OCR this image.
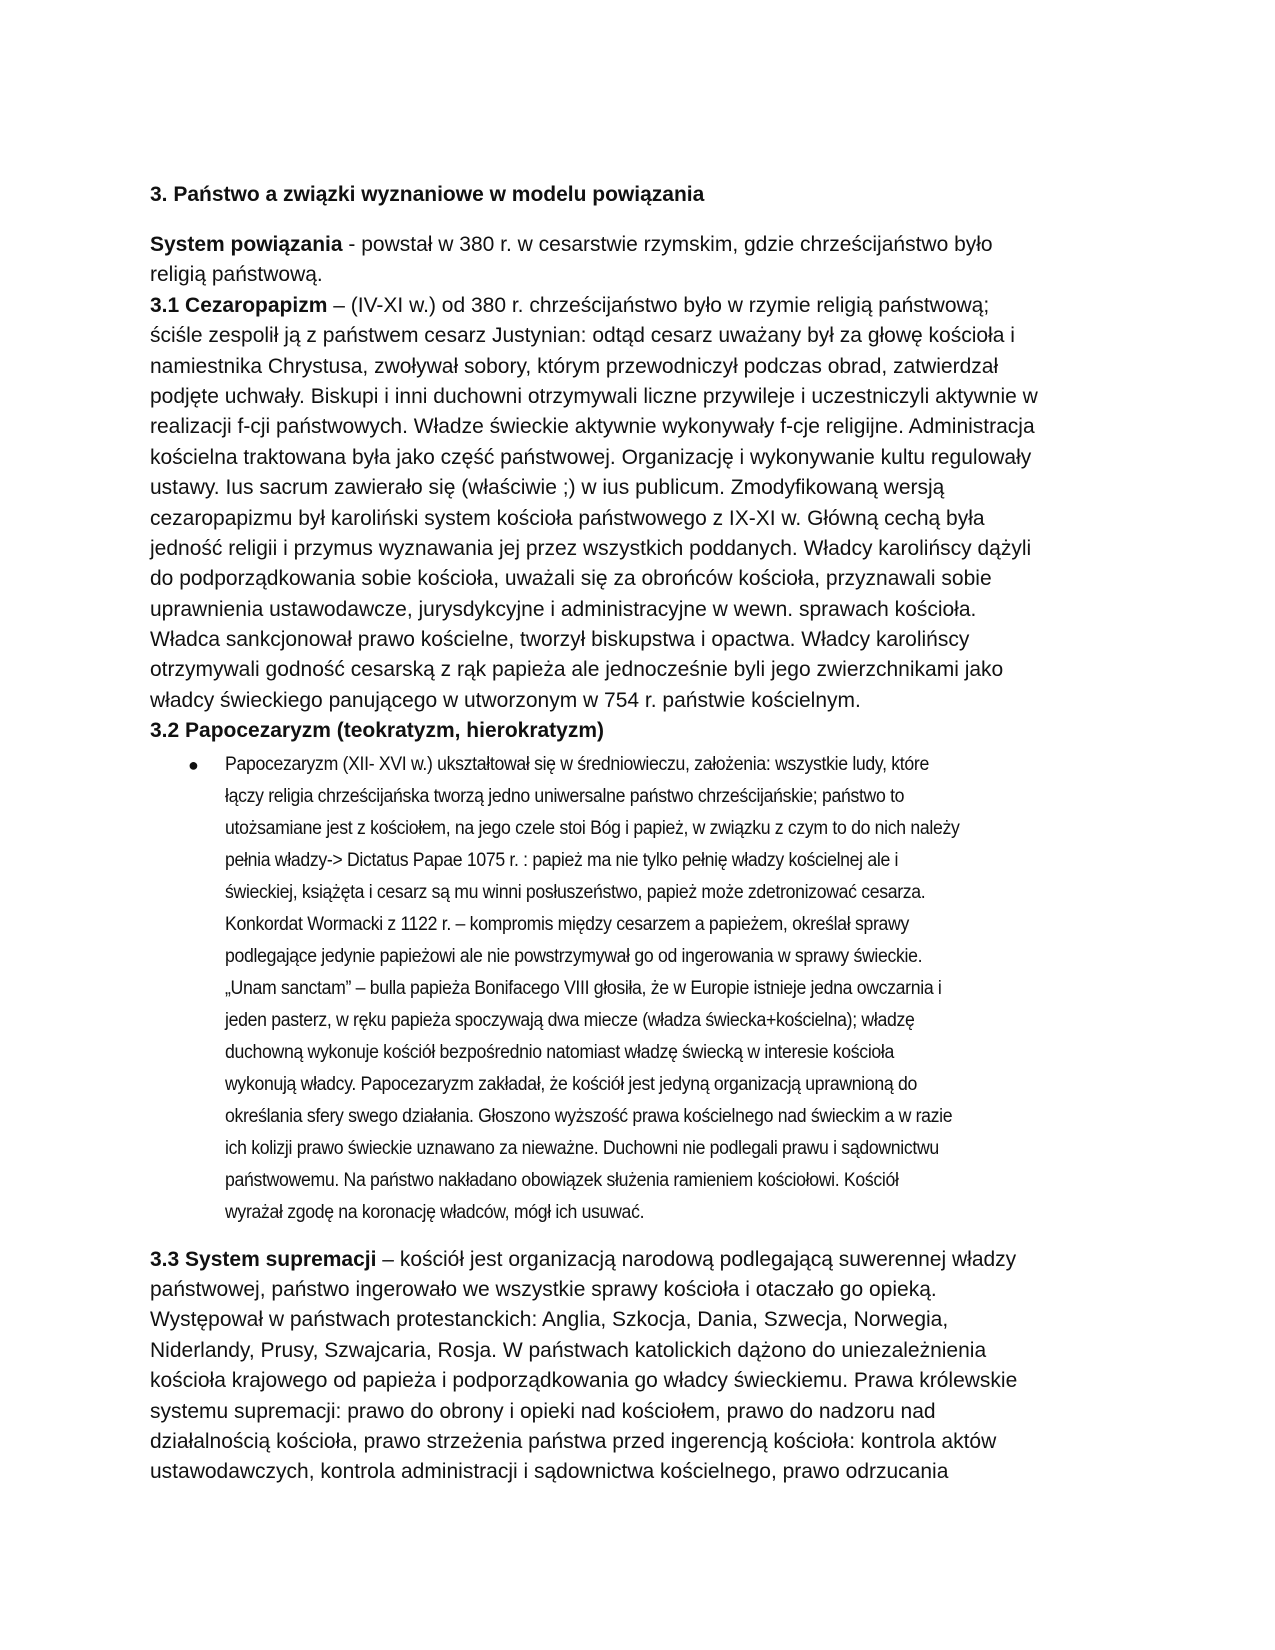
3. Państwo a związki wyznaniowe w modelu powiązania
System powiązania - powstał w 380 r. w cesarstwie rzymskim, gdzie chrześcijaństwo było
religią państwową.
3.1 Cezaropapizm – (IV-XI w.) od 380 r. chrześcijaństwo było w rzymie religią państwową;
ściśle zespolił ją z państwem cesarz Justynian: odtąd cesarz uważany był za głowę kościoła i
namiestnika Chrystusa, zwoływał sobory, którym przewodniczył podczas obrad, zatwierdzał
podjęte uchwały. Biskupi i inni duchowni otrzymywali liczne przywileje i uczestniczyli aktywnie w
realizacji f-cji państwowych. Władze świeckie aktywnie wykonywały f-cje religijne. Administracja
kościelna traktowana była jako część państwowej. Organizację i wykonywanie kultu regulowały
ustawy. Ius sacrum zawierało się (właściwie ;) w ius publicum. Zmodyfikowaną wersją
cezaropapizmu był karoliński system kościoła państwowego z IX-XI w. Główną cechą była
jedność religii i przymus wyznawania jej przez wszystkich poddanych. Władcy karolińscy dążyli
do podporządkowania sobie kościoła, uważali się za obrońców kościoła, przyznawali sobie
uprawnienia ustawodawcze, jurysdykcyjne i administracyjne w wewn. sprawach kościoła.
Władca sankcjonował prawo kościelne, tworzył biskupstwa i opactwa. Władcy karolińscy
otrzymywali godność cesarską z rąk papieża ale jednocześnie byli jego zwierzchnikami jako
władcy świeckiego panującego w utworzonym w 754 r. państwie kościelnym.
3.2 Papocezaryzm (teokratyzm, hierokratyzm)
● Papocezaryzm (XII- XVI w.) ukształtował się w średniowieczu, założenia: wszystkie ludy, które
łączy religia chrześcijańska tworzą jedno uniwersalne państwo chrześcijańskie; państwo to
utożsamiane jest z kościołem, na jego czele stoi Bóg i papież, w związku z czym to do nich należy
pełnia władzy-> Dictatus Papae 1075 r. : papież ma nie tylko pełnię władzy kościelnej ale i
świeckiej, książęta i cesarz są mu winni posłuszeństwo, papież może zdetronizować cesarza.
Konkordat Wormacki z 1122 r. – kompromis między cesarzem a papieżem, określał sprawy
podlegające jedynie papieżowi ale nie powstrzymywał go od ingerowania w sprawy świeckie.
„Unam sanctam” – bulla papieża Bonifacego VIII głosiła, że w Europie istnieje jedna owczarnia i
jeden pasterz, w ręku papieża spoczywają dwa miecze (władza świecka+kościelna); władzę
duchowną wykonuje kościół bezpośrednio natomiast władzę świecką w interesie kościoła
wykonują władcy. Papocezaryzm zakładał, że kościół jest jedyną organizacją uprawnioną do
określania sfery swego działania. Głoszono wyższość prawa kościelnego nad świeckim a w razie
ich kolizji prawo świeckie uznawano za nieważne. Duchowni nie podlegali prawu i sądownictwu
państwowemu. Na państwo nakładano obowiązek służenia ramieniem kościołowi. Kościół
wyrażał zgodę na koronację władców, mógł ich usuwać.
3.3 System supremacji – kościół jest organizacją narodową podlegającą suwerennej władzy
państwowej, państwo ingerowało we wszystkie sprawy kościoła i otaczało go opieką.
Występował w państwach protestanckich: Anglia, Szkocja, Dania, Szwecja, Norwegia,
Niderlandy, Prusy, Szwajcaria, Rosja. W państwach katolickich dążono do uniezależnienia
kościoła krajowego od papieża i podporządkowania go władcy świeckiemu. Prawa królewskie
systemu supremacji: prawo do obrony i opieki nad kościołem, prawo do nadzoru nad
działalnością kościoła, prawo strzeżenia państwa przed ingerencją kościoła: kontrola aktów
ustawodawczych, kontrola administracji i sądownictwa kościelnego, prawo odrzucania
